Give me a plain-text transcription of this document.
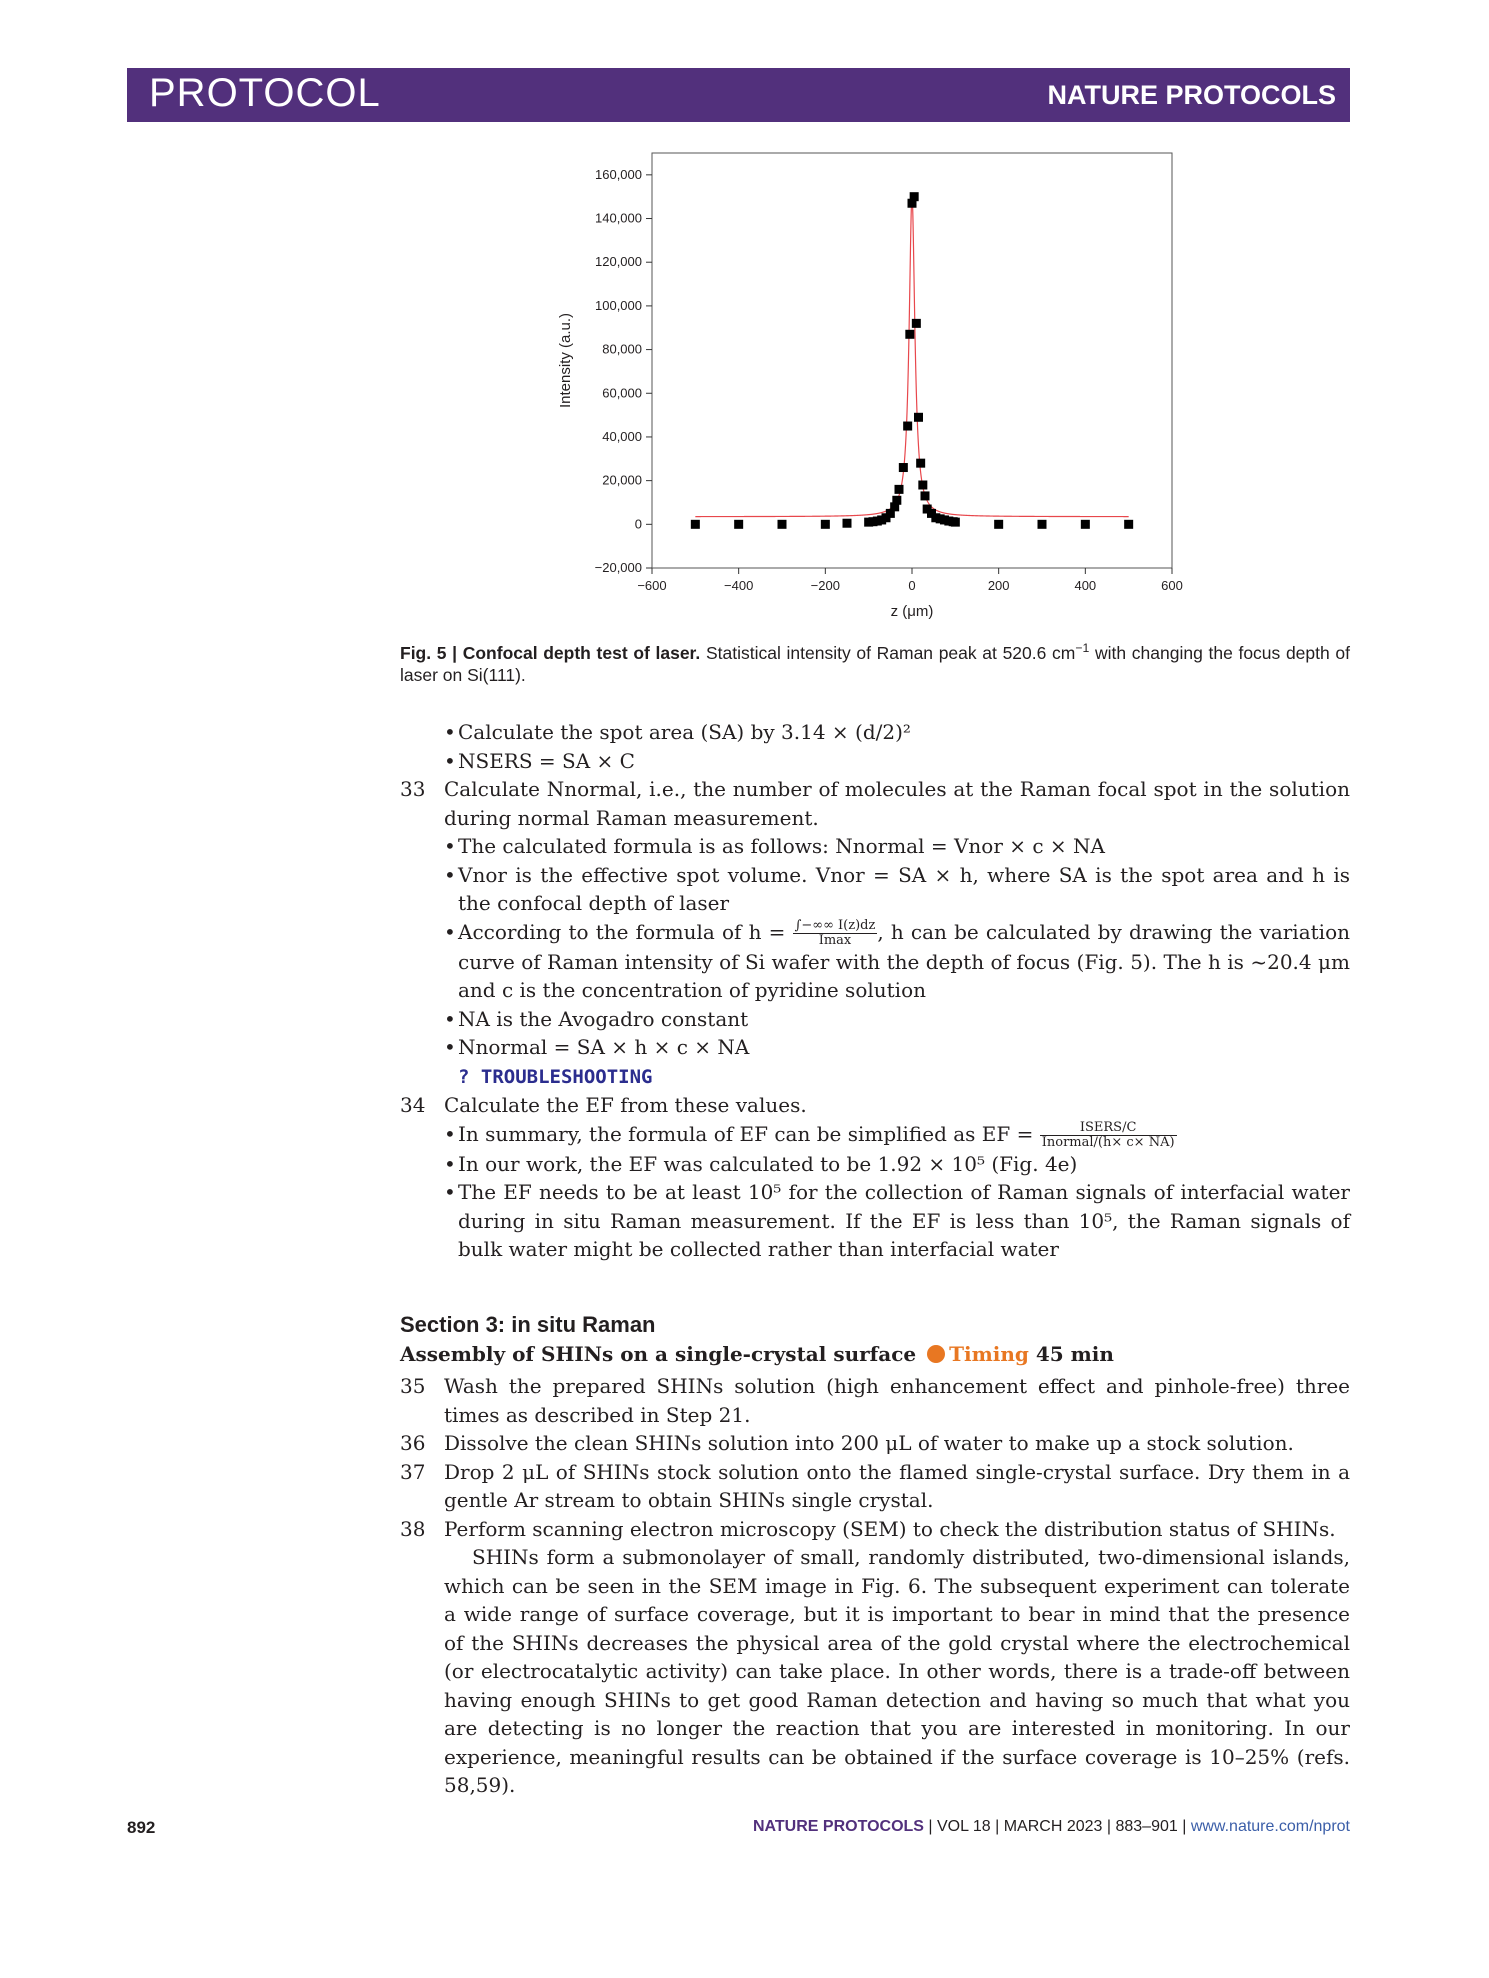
PROTOCOL	NATURE PROTOCOLS
−600	−400	−200	0	200	400	600
−20,000
0
20,000
40,000
60,000
80,000
100,000
120,000
140,000
160,000
z (μm)
Intensity (a.u.)
Fig. 5 | Confocal depth test of laser. Statistical intensity of Raman peak at 520.6 $cm^{-1}$ with changing the focus depth of laser on Si(111).
• Calculate the spot area (SA) by 3.14 × (d/2)²
• NSERS = SA × C
33 Calculate Nnormal, i.e., the number of molecules at the Raman focal spot in the solution during normal Raman measurement.
• The calculated formula is as follows: Nnormal = Vnor × c × NA
• Vnor is the effective spot volume. Vnor = SA × h, where SA is the spot area and h is the confocal depth of laser
• According to the formula of $h = \frac{\int-\infty\infty I(z)dz}{Imax}$ , h can be calculated by drawing the variation curve of Raman intensity of Si wafer with the depth of focus (Fig. 5). The h is ~20.4 μm and c is the concentration of pyridine solution
• NA is the Avogadro constant
• Nnormal = SA × h × c × NA
? TROUBLESHOOTING
34 Calculate the EF from these values.
• In summary, the formula of EF can be simplified as EF = $\frac{\text{ISERS/C}}{\text{Inormal/(h× c× NA)}}$
• In our work, the EF was calculated to be 1.92 × 10⁵ (Fig. 4e)
• The EF needs to be at least 10⁵ for the collection of Raman signals of interfacial water during in situ Raman measurement. If the EF is less than 10⁵, the Raman signals of bulk water might be collected rather than interfacial water
Section 3: in situ Raman
Assembly of SHINs on a single-crystal surface Timing 45 min
35 Wash the prepared SHINs solution (high enhancement effect and pinhole-free) three times as described in Step 21.
36 Dissolve the clean SHINs solution into 200 μL of water to make up a stock solution.
37 Drop 2 μL of SHINs stock solution onto the flamed single-crystal surface. Dry them in a gentle Ar stream to obtain SHINs single crystal.
38 Perform scanning electron microscopy (SEM) to check the distribution status of SHINs.
SHINs form a submonolayer of small, randomly distributed, two-dimensional islands, which can be seen in the SEM image in Fig. 6. The subsequent experiment can tolerate a wide range of surface coverage, but it is important to bear in mind that the presence of the SHINs decreases the physical area of the gold crystal where the electrochemical (or electrocatalytic activity) can take place. In other words, there is a trade-off between having enough SHINs to get good Raman detection and having so much that what you are detecting is no longer the reaction that you are interested in monitoring. In our experience, meaningful results can be obtained if the surface coverage is 10–25% (refs. 58,59).
892	NATURE PROTOCOLS | VOL 18 | MARCH 2023 | 883–901 | www.nature.com/nprot
